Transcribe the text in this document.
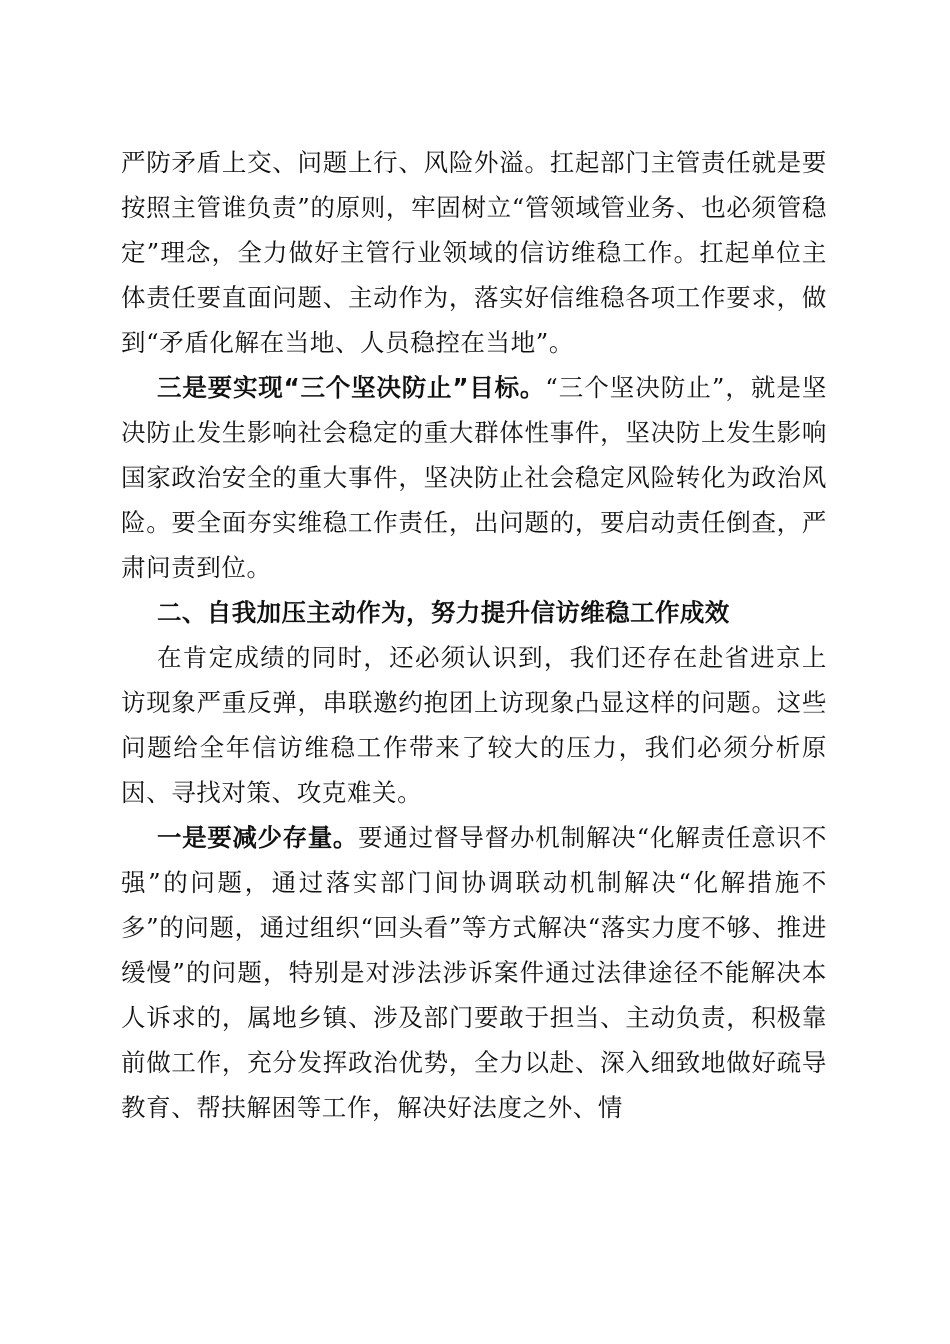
严防矛盾上交、问题上行、风险外溢。扛起部门主管责任就是要按照主管谁负责”的原则，牢固树立“管领域管业务、也必须管稳定”理念，全力做好主管行业领域的信访维稳工作。扛起单位主体责任要直面问题、主动作为，落实好信维稳各项工作要求，做到“矛盾化解在当地、人员稳控在当地”。

三是要实现“三个坚决防止”目标。“三个坚决防止”，就是坚决防止发生影响社会稳定的重大群体性事件，坚决防上发生影响国家政治安全的重大事件，坚决防止社会稳定风险转化为政治风险。要全面夯实维稳工作责任，出问题的，要启动责任倒查，严肃问责到位。

二、自我加压主动作为，努力提升信访维稳工作成效

在肯定成绩的同时，还必须认识到，我们还存在赴省进京上访现象严重反弹，串联邀约抱团上访现象凸显这样的问题。这些问题给全年信访维稳工作带来了较大的压力，我们必须分析原因、寻找对策、攻克难关。

一是要减少存量。要通过督导督办机制解决“化解责任意识不强”的问题，通过落实部门间协调联动机制解决“化解措施不多”的问题，通过组织“回头看”等方式解决“落实力度不够、推进缓慢”的问题，特别是对涉法涉诉案件通过法律途径不能解决本人诉求的，属地乡镇、涉及部门要敢于担当、主动负责，积极靠前做工作，充分发挥政治优势，全力以赴、深入细致地做好疏导教育、帮扶解困等工作，解决好法度之外、情
